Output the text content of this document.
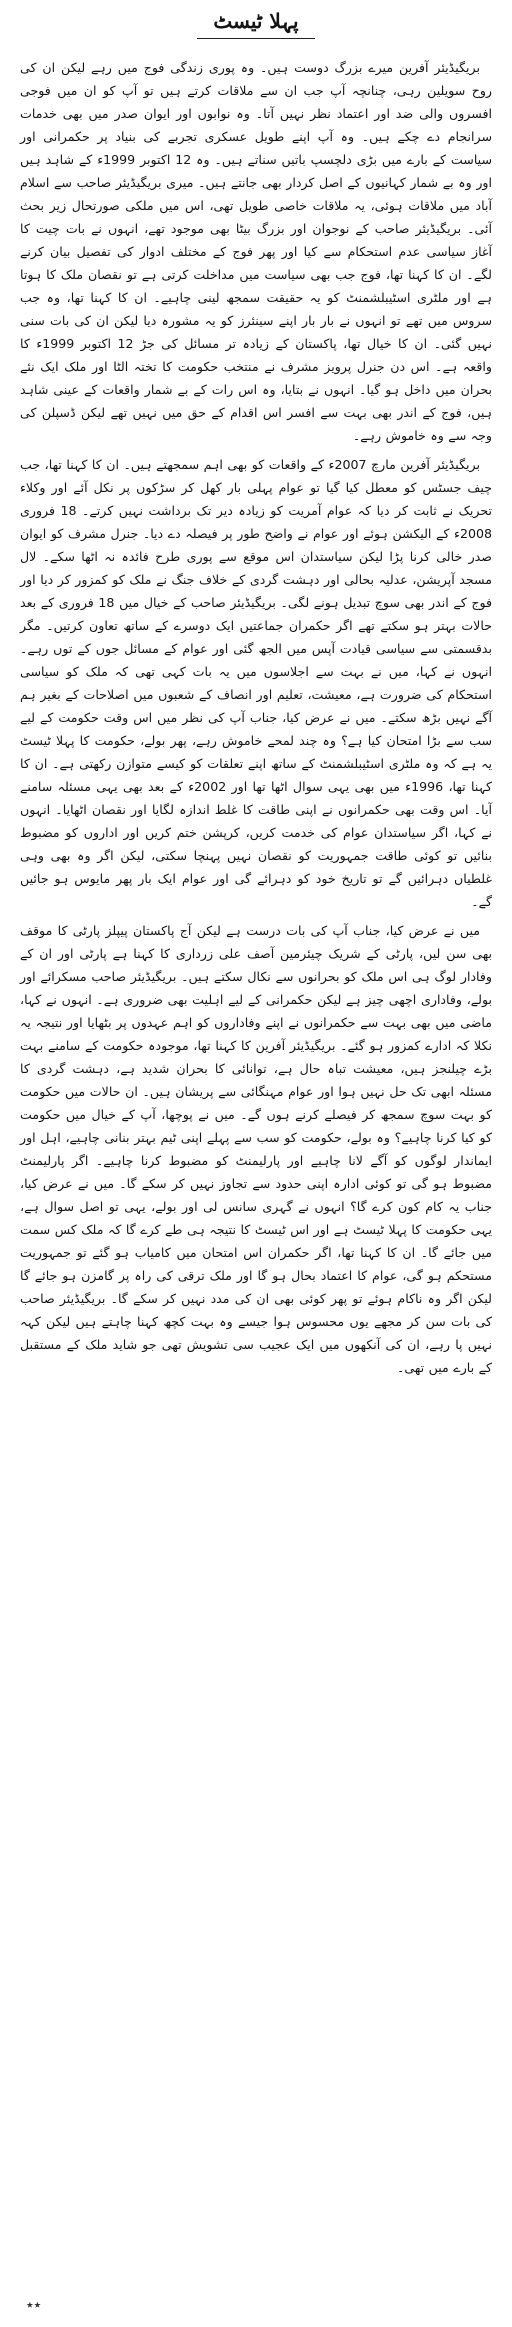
پہلا ٹیسٹ

بریگیڈیئر آفرین میرے بزرگ دوست ہیں۔ وہ پوری زندگی فوج میں رہے لیکن ان کی روح سویلین رہی، چنانچہ آپ جب ان سے ملاقات کرتے ہیں تو آپ کو ان میں فوجی افسروں والی ضد اور اعتماد نظر نہیں آتا۔ وہ نوابوں اور ایوان صدر میں بھی خدمات سرانجام دے چکے ہیں۔ وہ آپ اپنے طویل عسکری تجربے کی بنیاد پر حکمرانی اور سیاست کے بارے میں بڑی دلچسپ باتیں سناتے ہیں۔ وہ 12 اکتوبر 1999ء کے شاہد ہیں اور وہ بے شمار کہانیوں کے اصل کردار بھی جانتے ہیں۔ میری بریگیڈیئر صاحب سے اسلام آباد میں ملاقات ہوئی، یہ ملاقات خاصی طویل تھی، اس میں ملکی صورتحال زیر بحث آئی۔ بریگیڈیئر صاحب کے نوجوان اور بزرگ بیٹا بھی موجود تھے، انہوں نے بات چیت کا آغاز سیاسی عدم استحکام سے کیا اور پھر فوج کے مختلف ادوار کی تفصیل بیان کرنے لگے۔ ان کا کہنا تھا، فوج جب بھی سیاست میں مداخلت کرتی ہے تو نقصان ملک کا ہوتا ہے اور ملٹری اسٹیبلشمنٹ کو یہ حقیقت سمجھ لینی چاہیے۔ ان کا کہنا تھا، وہ جب سروس میں تھے تو انہوں نے بار بار اپنے سینئرز کو یہ مشورہ دیا لیکن ان کی بات سنی نہیں گئی۔ ان کا خیال تھا، پاکستان کے زیادہ تر مسائل کی جڑ 12 اکتوبر 1999ء کا واقعہ ہے۔ اس دن جنرل پرویز مشرف نے منتخب حکومت کا تختہ الٹا اور ملک ایک نئے بحران میں داخل ہو گیا۔ انہوں نے بتایا، وہ اس رات کے بے شمار واقعات کے عینی شاہد ہیں، فوج کے اندر بھی بہت سے افسر اس اقدام کے حق میں نہیں تھے لیکن ڈسپلن کی وجہ سے وہ خاموش رہے۔

بریگیڈیئر آفرین مارچ 2007ء کے واقعات کو بھی اہم سمجھتے ہیں۔ ان کا کہنا تھا، جب چیف جسٹس کو معطل کیا گیا تو عوام پہلی بار کھل کر سڑکوں پر نکل آئے اور وکلاء تحریک نے ثابت کر دیا کہ عوام آمریت کو زیادہ دیر تک برداشت نہیں کرتے۔ 18 فروری 2008ء کے الیکشن ہوئے اور عوام نے واضح طور پر فیصلہ دے دیا۔ جنرل مشرف کو ایوان صدر خالی کرنا پڑا لیکن سیاستدان اس موقع سے پوری طرح فائدہ نہ اٹھا سکے۔ لال مسجد آپریشن، عدلیہ بحالی اور دہشت گردی کے خلاف جنگ نے ملک کو کمزور کر دیا اور فوج کے اندر بھی سوچ تبدیل ہونے لگی۔ بریگیڈیئر صاحب کے خیال میں 18 فروری کے بعد حالات بہتر ہو سکتے تھے اگر حکمران جماعتیں ایک دوسرے کے ساتھ تعاون کرتیں۔ مگر بدقسمتی سے سیاسی قیادت آپس میں الجھ گئی اور عوام کے مسائل جوں کے توں رہے۔ انہوں نے کہا، میں نے بہت سے اجلاسوں میں یہ بات کہی تھی کہ ملک کو سیاسی استحکام کی ضرورت ہے، معیشت، تعلیم اور انصاف کے شعبوں میں اصلاحات کے بغیر ہم آگے نہیں بڑھ سکتے۔ میں نے عرض کیا، جناب آپ کی نظر میں اس وقت حکومت کے لیے سب سے بڑا امتحان کیا ہے؟ وہ چند لمحے خاموش رہے، پھر بولے، حکومت کا پہلا ٹیسٹ یہ ہے کہ وہ ملٹری اسٹیبلشمنٹ کے ساتھ اپنے تعلقات کو کیسے متوازن رکھتی ہے۔ ان کا کہنا تھا، 1996ء میں بھی یہی سوال اٹھا تھا اور 2002ء کے بعد بھی یہی مسئلہ سامنے آیا۔ اس وقت بھی حکمرانوں نے اپنی طاقت کا غلط اندازہ لگایا اور نقصان اٹھایا۔ انہوں نے کہا، اگر سیاستدان عوام کی خدمت کریں، کرپشن ختم کریں اور اداروں کو مضبوط بنائیں تو کوئی طاقت جمہوریت کو نقصان نہیں پہنچا سکتی، لیکن اگر وہ بھی وہی غلطیاں دہرائیں گے تو تاریخ خود کو دہرائے گی اور عوام ایک بار پھر مایوس ہو جائیں گے۔

میں نے عرض کیا، جناب آپ کی بات درست ہے لیکن آج پاکستان پیپلز پارٹی کا موقف بھی سن لیں، پارٹی کے شریک چیئرمین آصف علی زرداری کا کہنا ہے پارٹی اور ان کے وفادار لوگ ہی اس ملک کو بحرانوں سے نکال سکتے ہیں۔ بریگیڈیئر صاحب مسکرائے اور بولے، وفاداری اچھی چیز ہے لیکن حکمرانی کے لیے اہلیت بھی ضروری ہے۔ انہوں نے کہا، ماضی میں بھی بہت سے حکمرانوں نے اپنے وفاداروں کو اہم عہدوں پر بٹھایا اور نتیجہ یہ نکلا کہ ادارے کمزور ہو گئے۔ بریگیڈیئر آفرین کا کہنا تھا، موجودہ حکومت کے سامنے بہت بڑے چیلنجز ہیں، معیشت تباہ حال ہے، توانائی کا بحران شدید ہے، دہشت گردی کا مسئلہ ابھی تک حل نہیں ہوا اور عوام مہنگائی سے پریشان ہیں۔ ان حالات میں حکومت کو بہت سوچ سمجھ کر فیصلے کرنے ہوں گے۔ میں نے پوچھا، آپ کے خیال میں حکومت کو کیا کرنا چاہیے؟ وہ بولے، حکومت کو سب سے پہلے اپنی ٹیم بہتر بنانی چاہیے، اہل اور ایماندار لوگوں کو آگے لانا چاہیے اور پارلیمنٹ کو مضبوط کرنا چاہیے۔ اگر پارلیمنٹ مضبوط ہو گی تو کوئی ادارہ اپنی حدود سے تجاوز نہیں کر سکے گا۔ میں نے عرض کیا، جناب یہ کام کون کرے گا؟ انہوں نے گہری سانس لی اور بولے، یہی تو اصل سوال ہے، یہی حکومت کا پہلا ٹیسٹ ہے اور اس ٹیسٹ کا نتیجہ ہی طے کرے گا کہ ملک کس سمت میں جائے گا۔ ان کا کہنا تھا، اگر حکمران اس امتحان میں کامیاب ہو گئے تو جمہوریت مستحکم ہو گی، عوام کا اعتماد بحال ہو گا اور ملک ترقی کی راہ پر گامزن ہو جائے گا لیکن اگر وہ ناکام ہوئے تو پھر کوئی بھی ان کی مدد نہیں کر سکے گا۔ بریگیڈیئر صاحب کی بات سن کر مجھے یوں محسوس ہوا جیسے وہ بہت کچھ کہنا چاہتے ہیں لیکن کہہ نہیں پا رہے، ان کی آنکھوں میں ایک عجیب سی تشویش تھی جو شاید ملک کے مستقبل کے بارے میں تھی۔

٭٭
